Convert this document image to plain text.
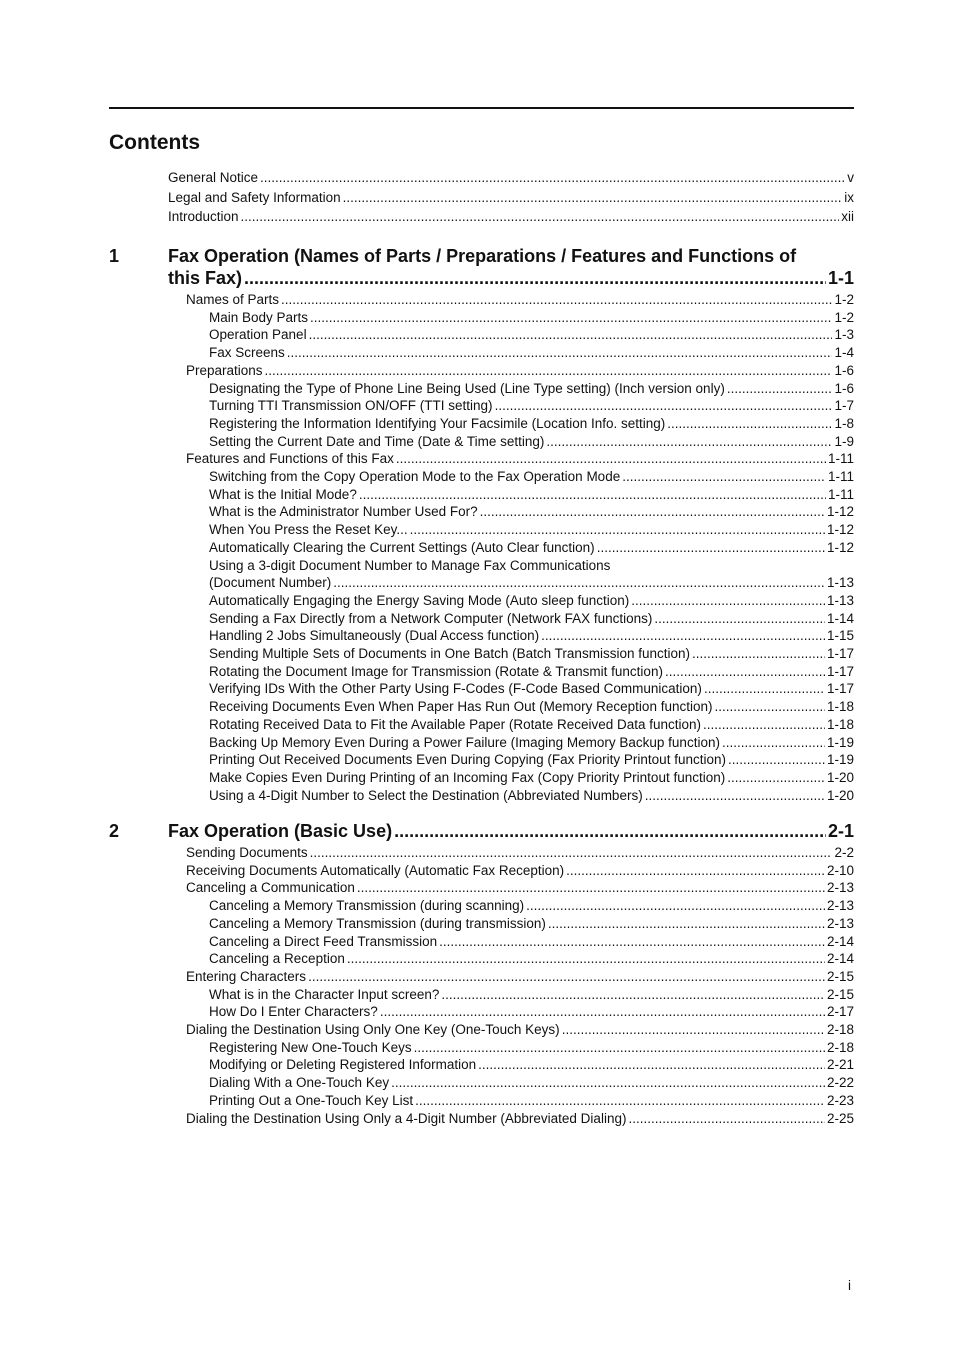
Contents
General Notice .....	v
Legal and Safety Information .....	ix
Introduction .....	xii
1	Fax Operation (Names of Parts / Preparations / Features and Functions of
this Fax) .....	1-1
Names of Parts .....	1-2
Main Body Parts .....	1-2
Operation Panel .....	1-3
Fax Screens .....	1-4
Preparations .....	1-6
Designating the Type of Phone Line Being Used (Line Type setting) (Inch version only) .....	1-6
Turning TTI Transmission ON/OFF (TTI setting) .....	1-7
Registering the Information Identifying Your Facsimile (Location Info. setting) .....	1-8
Setting the Current Date and Time (Date & Time setting) .....	1-9
Features and Functions of this Fax .....	1-11
Switching from the Copy Operation Mode to the Fax Operation Mode .....	1-11
What is the Initial Mode? .....	1-11
What is the Administrator Number Used For? .....	1-12
When You Press the Reset Key... .....	1-12
Automatically Clearing the Current Settings (Auto Clear function) .....	1-12
Using a 3-digit Document Number to Manage Fax Communications
(Document Number) .....	1-13
Automatically Engaging the Energy Saving Mode (Auto sleep function) .....	1-13
Sending a Fax Directly from a Network Computer (Network FAX functions) .....	1-14
Handling 2 Jobs Simultaneously (Dual Access function) .....	1-15
Sending Multiple Sets of Documents in One Batch (Batch Transmission function) .....	1-17
Rotating the Document Image for Transmission (Rotate & Transmit function) .....	1-17
Verifying IDs With the Other Party Using F-Codes (F-Code Based Communication) .....	1-17
Receiving Documents Even When Paper Has Run Out (Memory Reception function) .....	1-18
Rotating Received Data to Fit the Available Paper (Rotate Received Data function) .....	1-18
Backing Up Memory Even During a Power Failure (Imaging Memory Backup function) .....	1-19
Printing Out Received Documents Even During Copying (Fax Priority Printout function) .....	1-19
Make Copies Even During Printing of an Incoming Fax (Copy Priority Printout function) .....	1-20
Using a 4-Digit Number to Select the Destination (Abbreviated Numbers) .....	1-20
2	Fax Operation (Basic Use) .....	2-1
Sending Documents .....	2-2
Receiving Documents Automatically (Automatic Fax Reception) .....	2-10
Canceling a Communication .....	2-13
Canceling a Memory Transmission (during scanning) .....	2-13
Canceling a Memory Transmission (during transmission) .....	2-13
Canceling a Direct Feed Transmission .....	2-14
Canceling a Reception .....	2-14
Entering Characters .....	2-15
What is in the Character Input screen? .....	2-15
How Do I Enter Characters? .....	2-17
Dialing the Destination Using Only One Key (One-Touch Keys) .....	2-18
Registering New One-Touch Keys .....	2-18
Modifying or Deleting Registered Information .....	2-21
Dialing With a One-Touch Key .....	2-22
Printing Out a One-Touch Key List .....	2-23
Dialing the Destination Using Only a 4-Digit Number (Abbreviated Dialing) .....	2-25
i
